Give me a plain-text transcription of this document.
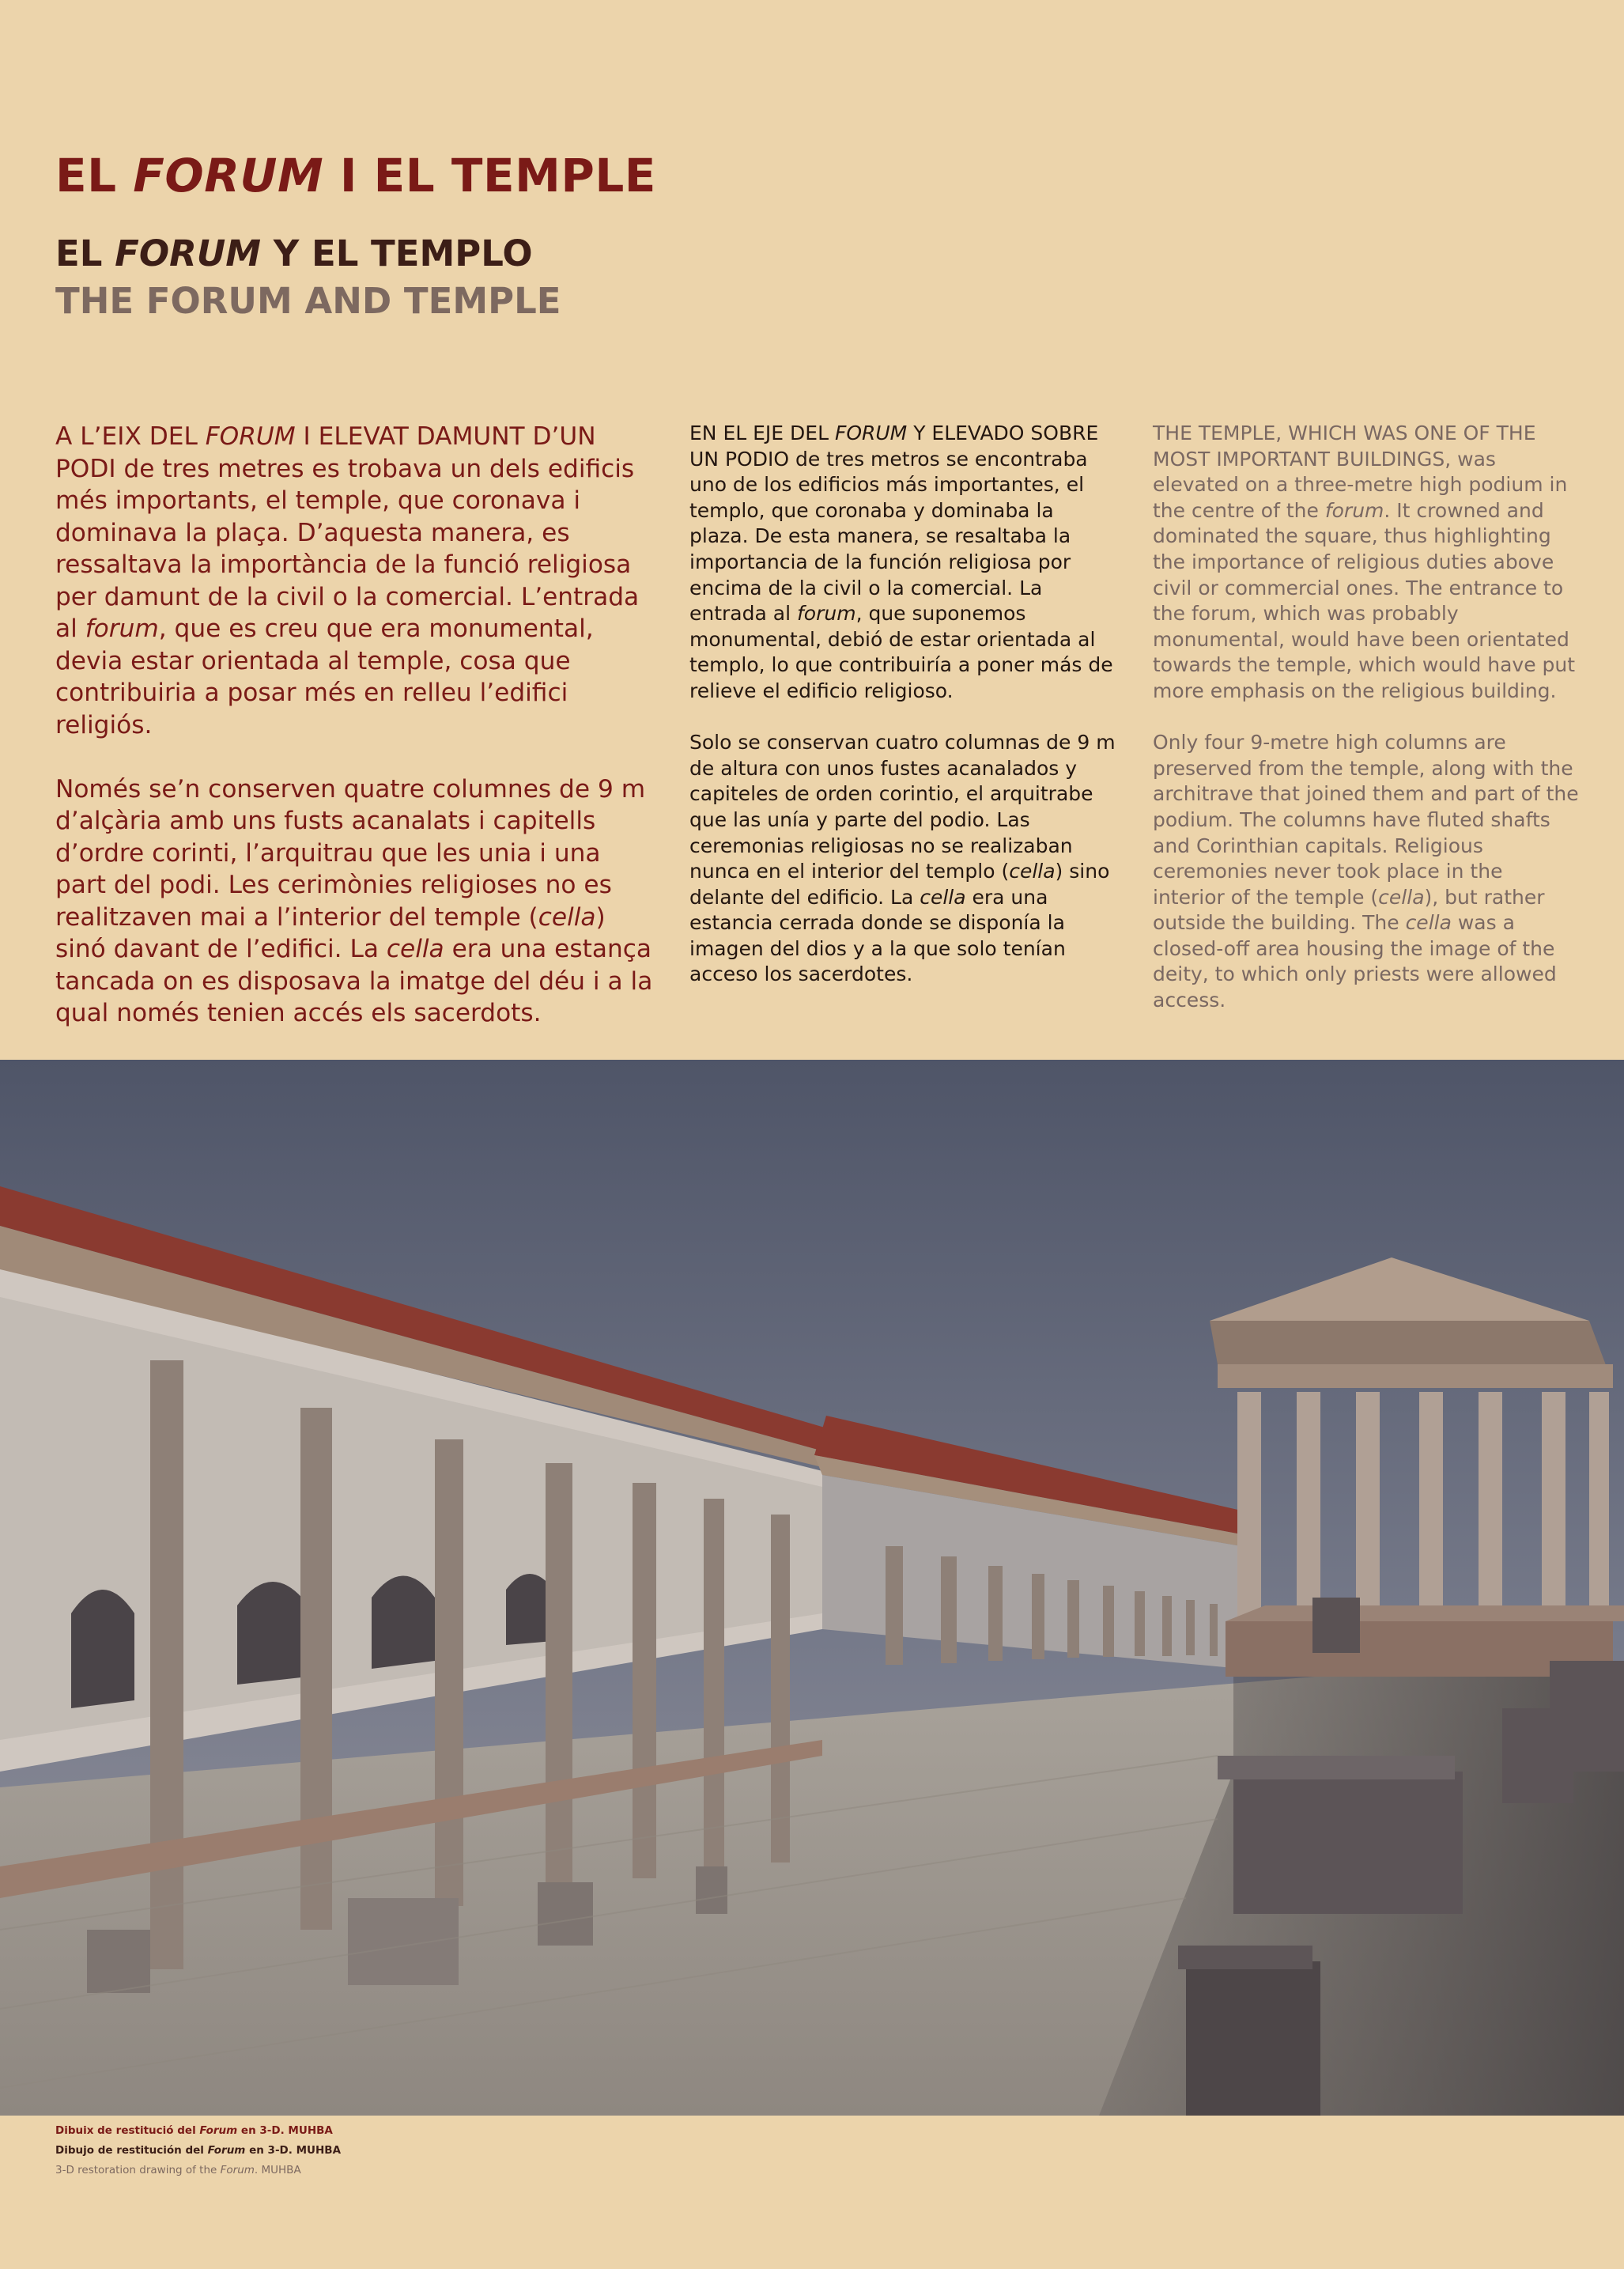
EL FORUM I EL TEMPLE
EL FORUM Y EL TEMPLO
THE FORUM AND TEMPLE

A L’EIX DEL FORUM I ELEVAT DAMUNT D’UN PODI de tres metres es trobava un dels edificis més importants, el temple, que coronava i dominava la plaça. D’aquesta manera, es ressaltava la importància de la funció religiosa per damunt de la civil o la comercial. L’entrada al forum, que es creu que era monumental, devia estar orientada al temple, cosa que contribuiria a posar més en relleu l’edifici religiós.

Només se’n conserven quatre columnes de 9 m d’alçària amb uns fusts acanalats i capitells d’ordre corinti, l’arquitrau que les unia i una part del podi. Les cerimònies religioses no es realitzaven mai a l’interior del temple (cella) sinó davant de l’edifici. La cella era una estança tancada on es disposava la imatge del déu i a la qual només tenien accés els sacerdots.

EN EL EJE DEL FORUM Y ELEVADO SOBRE UN PODIO de tres metros se encontraba uno de los edificios más importantes, el templo, que coronaba y dominaba la plaza. De esta manera, se resaltaba la importancia de la función religiosa por encima de la civil o la comercial. La entrada al forum, que suponemos monumental, debió de estar orientada al templo, lo que contribuiría a poner más de relieve el edificio religioso.

Solo se conservan cuatro columnas de 9 m de altura con unos fustes acanalados y capiteles de orden corintio, el arquitrabe que las unía y parte del podio. Las ceremonias religiosas no se realizaban nunca en el interior del templo (cella) sino delante del edificio. La cella era una estancia cerrada donde se disponía la imagen del dios y a la que solo tenían acceso los sacerdotes.

THE TEMPLE, WHICH WAS ONE OF THE MOST IMPORTANT BUILDINGS, was elevated on a three-metre high podium in the centre of the forum. It crowned and dominated the square, thus highlighting the importance of religious duties above civil or commercial ones. The entrance to the forum, which was probably monumental, would have been orientated towards the temple, which would have put more emphasis on the religious building.

Only four 9-metre high columns are preserved from the temple, along with the architrave that joined them and part of the podium. The columns have fluted shafts and Corinthian capitals. Religious ceremonies never took place in the interior of the temple (cella), but rather outside the building. The cella was a closed-off area housing the image of the deity, to which only priests were allowed access.

Dibuix de restitució del Forum en 3-D. MUHBA

Dibujo de restitución del Forum en 3-D. MUHBA

3-D restoration drawing of the Forum. MUHBA
